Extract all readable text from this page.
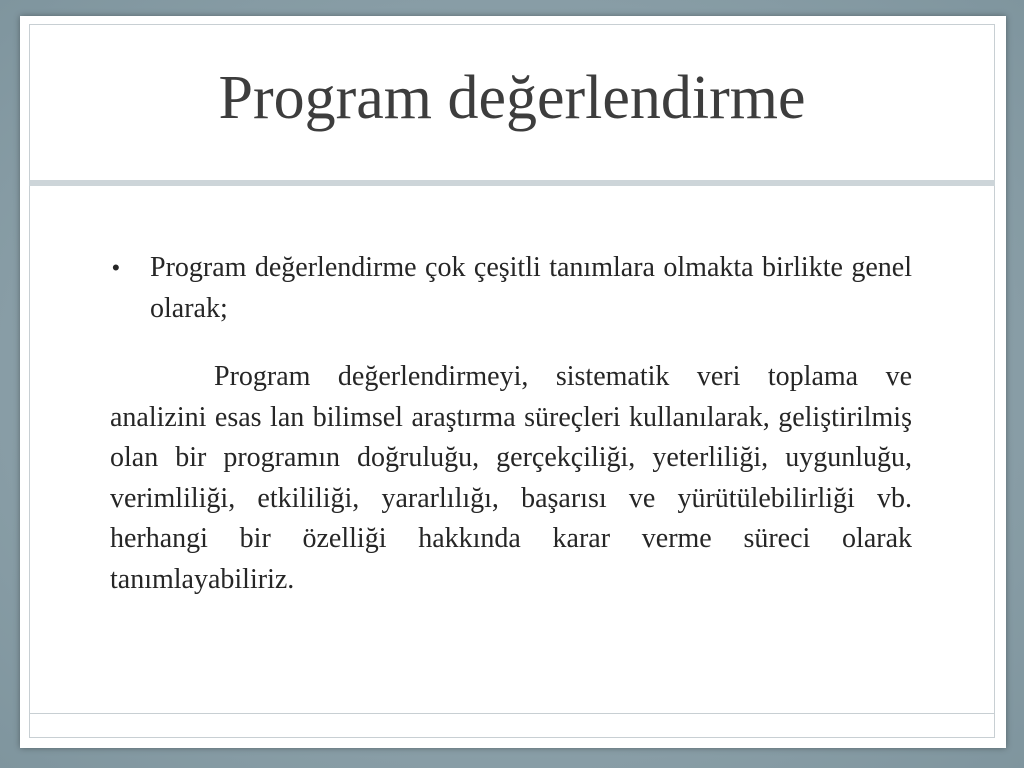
Program değerlendirme
•	Program değerlendirme çok çeşitli tanımlara olmakta birlikte genel olarak;
Program değerlendirmeyi, sistematik veri toplama ve analizini esas lan bilimsel araştırma süreçleri kullanılarak, geliştirilmiş olan bir programın doğruluğu, gerçekçiliği, yeterliliği, uygunluğu, verimliliği, etkililiği, yararlılığı, başarısı ve yürütülebilirliği vb. herhangi bir özelliği hakkında karar verme süreci olarak tanımlayabiliriz.
